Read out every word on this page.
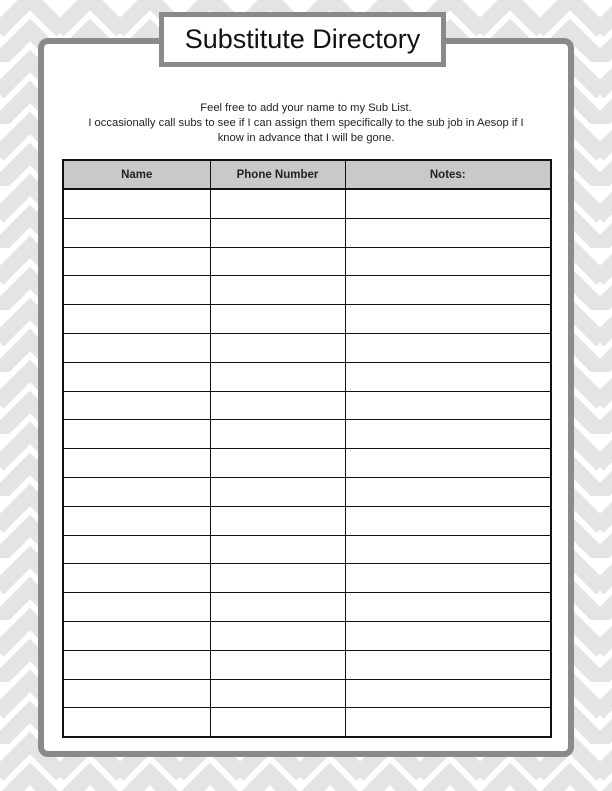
Substitute Directory
Feel free to add your name to my Sub List.
I occasionally call subs to see if I can assign them specifically to the sub job in Aesop if I
know in advance that I will be gone.
Name	Phone Number	Notes:
